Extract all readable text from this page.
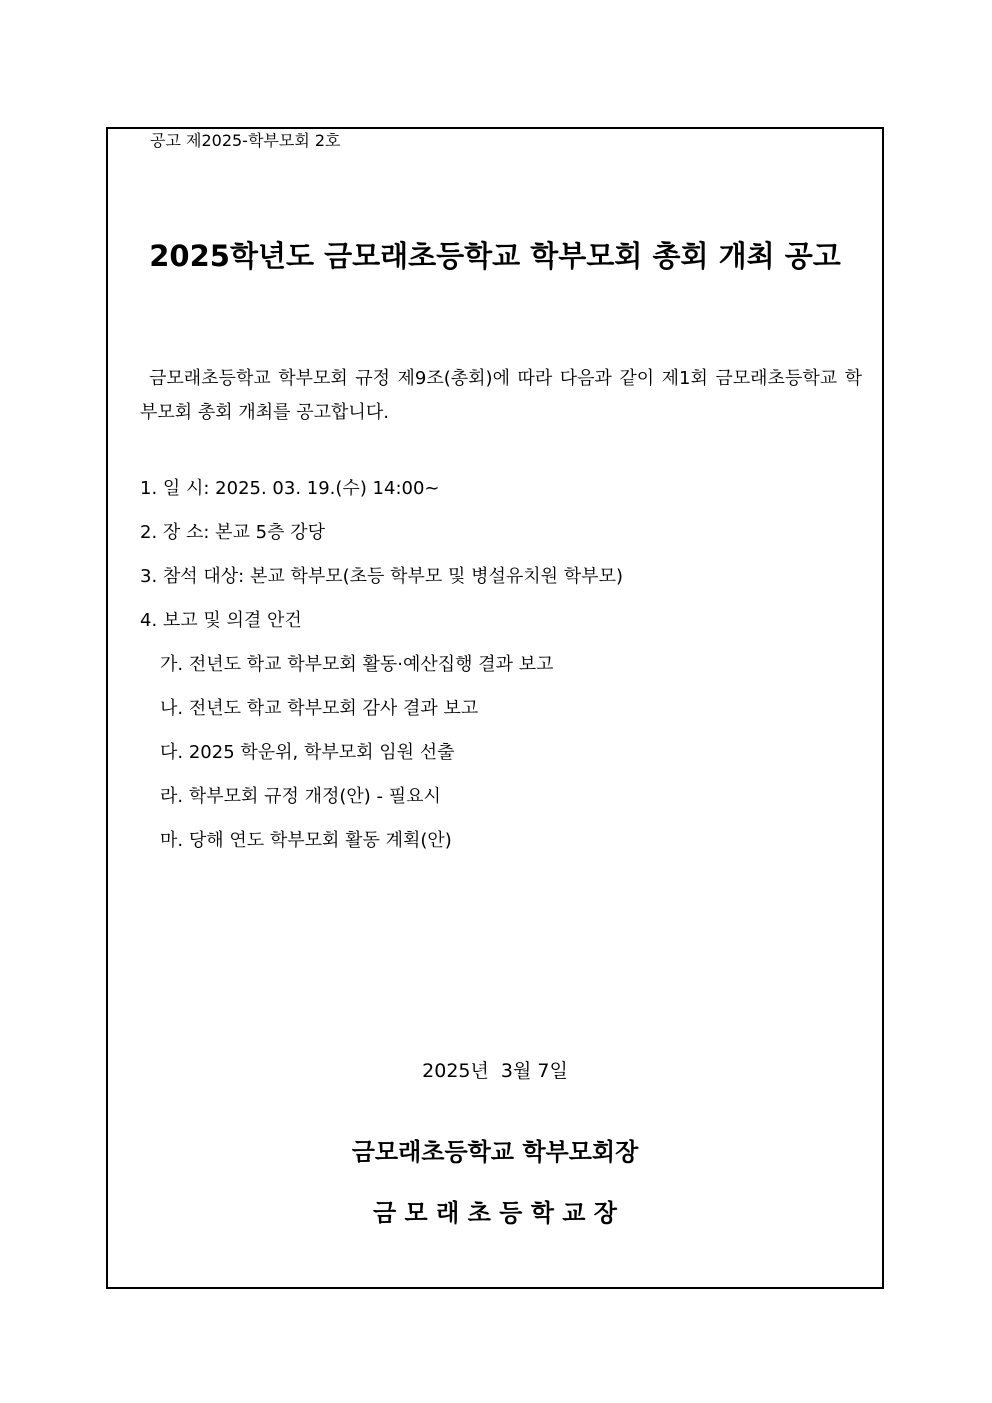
공고 제2025-학부모회 2호
2025학년도 금모래초등학교 학부모회 총회 개최 공고
금모래초등학교 학부모회 규정 제9조(총회)에 따라 다음과 같이 제1회 금모래초등학교 학부모회 총회 개최를 공고합니다.
1. 일 시: 2025. 03. 19.(수) 14:00~
2. 장 소: 본교 5층 강당
3. 참석 대상: 본교 학부모(초등 학부모 및 병설유치원 학부모)
4. 보고 및 의결 안건
가. 전년도 학교 학부모회 활동·예산집행 결과 보고
나. 전년도 학교 학부모회 감사 결과 보고
다. 2025 학운위, 학부모회 임원 선출
라. 학부모회 규정 개정(안) - 필요시
마. 당해 연도 학부모회 활동 계획(안)
2025년  3월 7일
금모래초등학교 학부모회장
금 모 래 초 등 학 교 장
